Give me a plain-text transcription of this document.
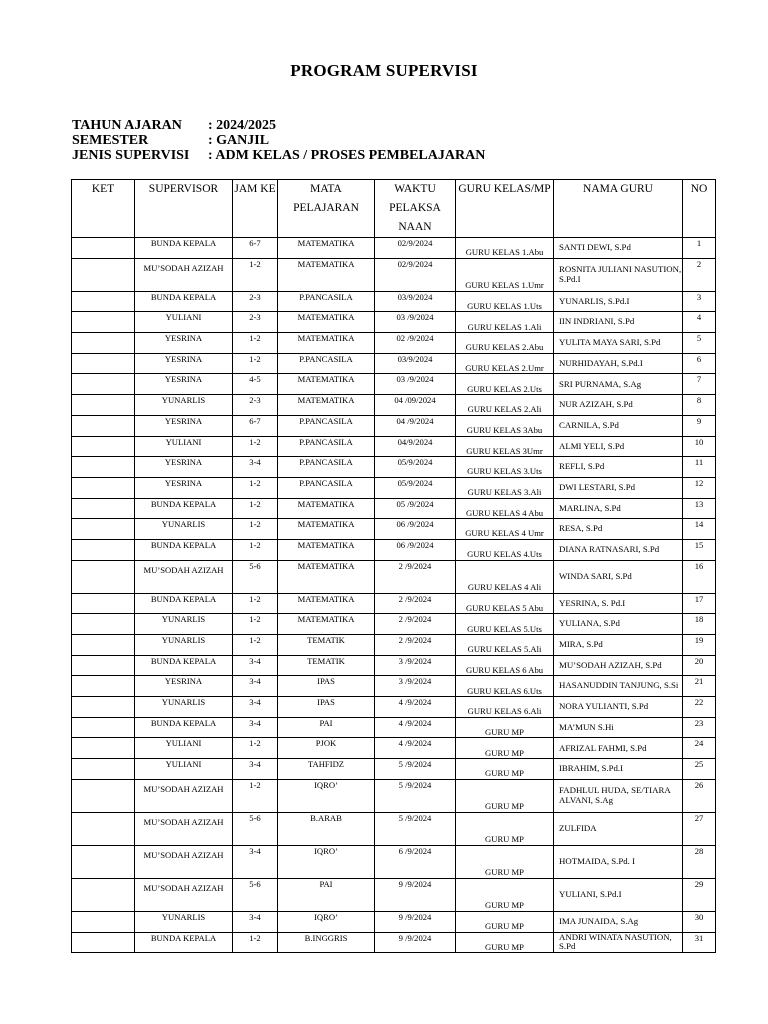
PROGRAM SUPERVISI
TAHUN AJARAN	: 2024/2025
SEMESTER	: GANJIL
JENIS SUPERVISI	: ADM KELAS / PROSES PEMBELAJARAN
KET	SUPERVISOR	JAM KE	MATA PELAJARAN	WAKTU PELAKSA NAAN	GURU KELAS/MP	NAMA GURU	NO
	BUNDA KEPALA	6-7	MATEMATIKA	02/9/2024	GURU KELAS 1.Abu	SANTI DEWI, S.Pd	1
	MU’SODAH AZIZAH	1-2	MATEMATIKA	02/9/2024	GURU KELAS 1.Umr	ROSNITA JULIANI NASUTION, S.Pd.I	2
	BUNDA KEPALA	2-3	P.PANCASILA	03/9/2024	GURU KELAS 1.Uts	YUNARLIS, S.Pd.I	3
	YULIANI	2-3	MATEMATIKA	03 /9/2024	GURU KELAS 1.Ali	IIN INDRIANI, S.Pd	4
	YESRINA	1-2	MATEMATIKA	02 /9/2024	GURU KELAS 2.Abu	YULITA MAYA SARI, S.Pd	5
	YESRINA	1-2	P.PANCASILA	03/9/2024	GURU KELAS 2.Umr	NURHIDAYAH, S.Pd.I	6
	YESRINA	4-5	MATEMATIKA	03 /9/2024	GURU KELAS 2.Uts	SRI PURNAMA, S.Ag	7
	YUNARLIS	2-3	MATEMATIKA	04 /09/2024	GURU KELAS 2.Ali	NUR AZIZAH, S.Pd	8
	YESRINA	6-7	P.PANCASILA	04 /9/2024	GURU KELAS 3Abu	CARNILA, S.Pd	9
	YULIANI	1-2	P.PANCASILA	04/9/2024	GURU KELAS 3Umr	ALMI YELI, S.Pd	10
	YESRINA	3-4	P.PANCASILA	05/9/2024	GURU KELAS 3.Uts	REFLI, S.Pd	11
	YESRINA	1-2	P.PANCASILA	05/9/2024	GURU KELAS 3.Ali	DWI LESTARI, S.Pd	12
	BUNDA KEPALA	1-2	MATEMATIKA	05 /9/2024	GURU KELAS 4 Abu	MARLINA, S.Pd	13
	YUNARLIS	1-2	MATEMATIKA	06 /9/2024	GURU KELAS 4 Umr	RESA, S.Pd	14
	BUNDA KEPALA	1-2	MATEMATIKA	06 /9/2024	GURU KELAS 4.Uts	DIANA RATNASARI, S.Pd	15
	MU’SODAH AZIZAH	5-6	MATEMATIKA	2 /9/2024	GURU KELAS 4 Ali	WINDA SARI, S.Pd	16
	BUNDA KEPALA	1-2	MATEMATIKA	2 /9/2024	GURU KELAS 5 Abu	YESRINA, S. Pd.I	17
	YUNARLIS	1-2	MATEMATIKA	2 /9/2024	GURU KELAS 5.Uts	YULIANA, S.Pd	18
	YUNARLIS	1-2	TEMATIK	2 /9/2024	GURU KELAS 5.Ali	MIRA, S.Pd	19
	BUNDA KEPALA	3-4	TEMATIK	3 /9/2024	GURU KELAS 6 Abu	MU’SODAH AZIZAH, S.Pd	20
	YESRINA	3-4	IPAS	3 /9/2024	GURU KELAS 6.Uts	HASANUDDIN TANJUNG, S.Si	21
	YUNARLIS	3-4	IPAS	4 /9/2024	GURU KELAS 6.Ali	NORA YULIANTI, S.Pd	22
	BUNDA KEPALA	3-4	PAI	4 /9/2024	GURU MP	MA’MUN S.Hi	23
	YULIANI	1-2	PJOK	4 /9/2024	GURU MP	AFRIZAL FAHMI, S.Pd	24
	YULIANI	3-4	TAHFIDZ	5 /9/2024	GURU MP	IBRAHIM, S.Pd.I	25
	MU’SODAH AZIZAH	1-2	IQRO’	5 /9/2024	GURU MP	FADHLUL HUDA, SE/TIARA ALVANI, S.Ag	26
	MU’SODAH AZIZAH	5-6	B.ARAB	5 /9/2024	GURU MP	ZULFIDA	27
	MU’SODAH AZIZAH	3-4	IQRO’	6 /9/2024	GURU MP	HOTMAIDA, S.Pd. I	28
	MU’SODAH AZIZAH	5-6	PAI	9 /9/2024	GURU MP	YULIANI, S.Pd.I	29
	YUNARLIS	3-4	IQRO’	9 /9/2024	GURU MP	IMA JUNAIDA, S.Ag	30
	BUNDA KEPALA	1-2	B.INGGRIS	9 /9/2024	GURU MP	ANDRI WINATA NASUTION, S.Pd	31
